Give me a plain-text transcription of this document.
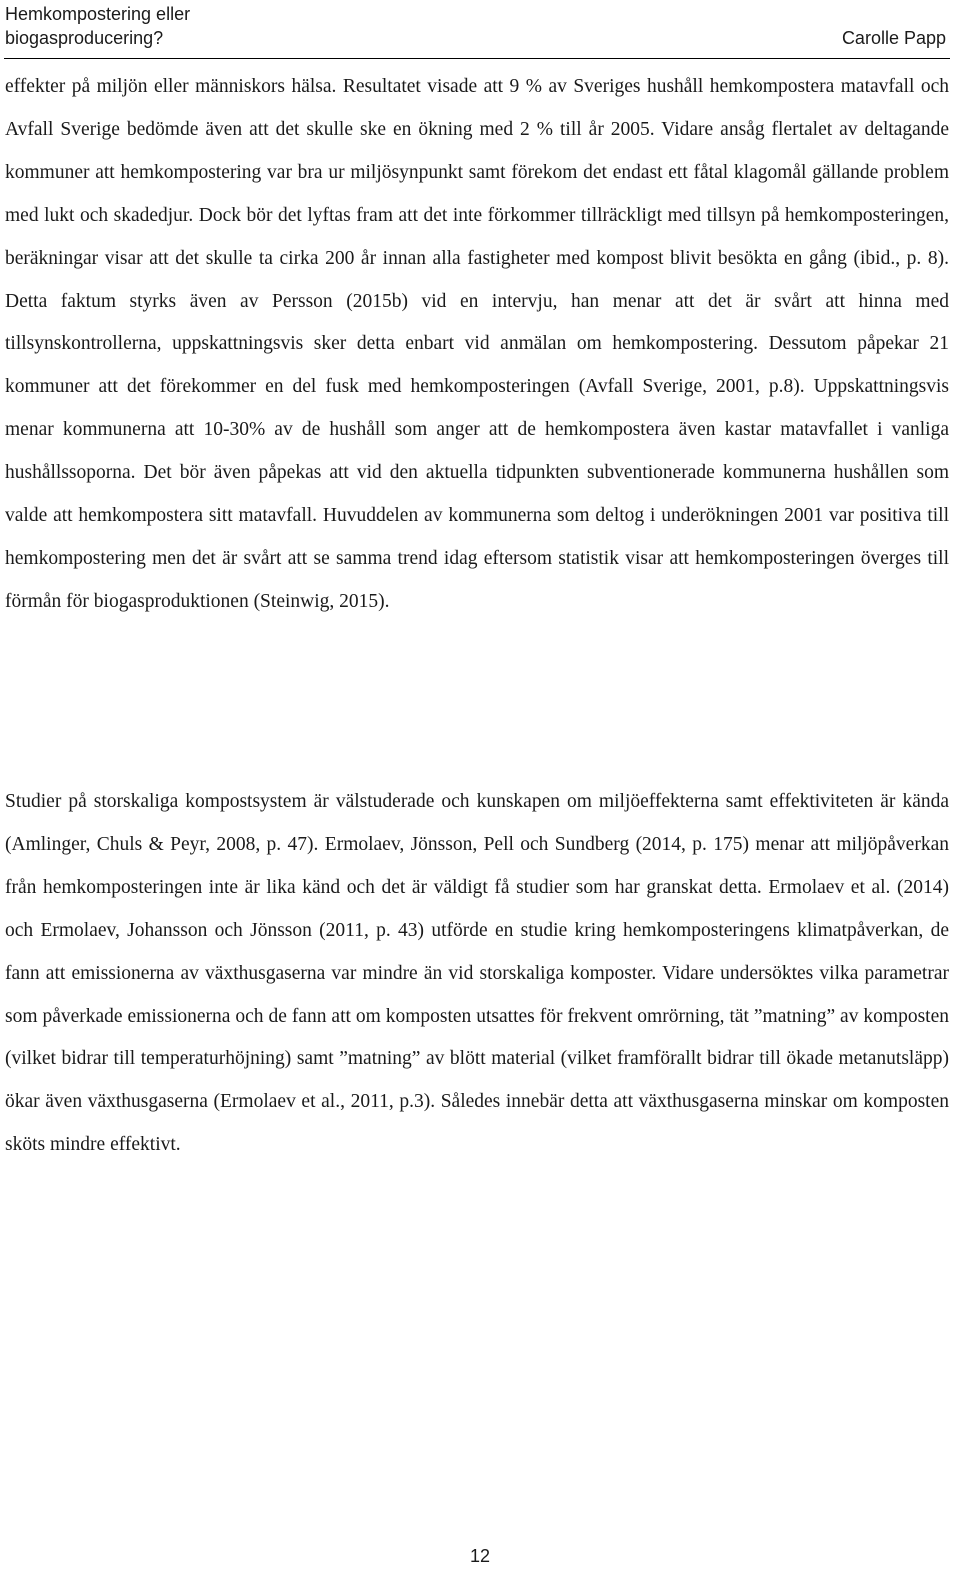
Hemkompostering eller biogasproducering?	Carolle Papp
effekter på miljön eller människors hälsa. Resultatet visade att 9 % av Sveriges hushåll hemkompostera matavfall och Avfall Sverige bedömde även att det skulle ske en ökning med 2 % till år 2005. Vidare ansåg flertalet av deltagande kommuner att hemkompostering var bra ur miljösynpunkt samt förekom det endast ett fåtal klagomål gällande problem med lukt och skadedjur. Dock bör det lyftas fram att det inte förkommer tillräckligt med tillsyn på hemkomposteringen, beräkningar visar att det skulle ta cirka 200 år innan alla fastigheter med kompost blivit besökta en gång (ibid., p. 8). Detta faktum styrks även av Persson (2015b) vid en intervju, han menar att det är svårt att hinna med tillsynskontrollerna, uppskattningsvis sker detta enbart vid anmälan om hemkompostering. Dessutom påpekar 21 kommuner att det förekommer en del fusk med hemkomposteringen (Avfall Sverige, 2001, p.8). Uppskattningsvis menar kommunerna att 10-30% av de hushåll som anger att de hemkompostera även kastar matavfallet i vanliga hushållssoporna. Det bör även påpekas att vid den aktuella tidpunkten subventionerade kommunerna hushållen som valde att hemkompostera sitt matavfall. Huvuddelen av kommunerna som deltog i underökningen 2001 var positiva till hemkompostering men det är svårt att se samma trend idag eftersom statistik visar att hemkomposteringen överges till förmån för biogasproduktionen (Steinwig, 2015).
Studier på storskaliga kompostsystem är välstuderade och kunskapen om miljöeffekterna samt effektiviteten är kända (Amlinger, Chuls & Peyr, 2008, p. 47). Ermolaev, Jönsson, Pell och Sundberg (2014, p. 175) menar att miljöpåverkan från hemkomposteringen inte är lika känd och det är väldigt få studier som har granskat detta. Ermolaev et al. (2014) och Ermolaev, Johansson och Jönsson (2011, p. 43) utförde en studie kring hemkomposteringens klimatpåverkan, de fann att emissionerna av växthusgaserna var mindre än vid storskaliga komposter. Vidare undersöktes vilka parametrar som påverkade emissionerna och de fann att om komposten utsattes för frekvent omrörning, tät ”matning” av komposten (vilket bidrar till temperaturhöjning) samt ”matning” av blött material (vilket framförallt bidrar till ökade metanutsläpp) ökar även växthusgaserna (Ermolaev et al., 2011, p.3). Således innebär detta att växthusgaserna minskar om komposten sköts mindre effektivt.
12
